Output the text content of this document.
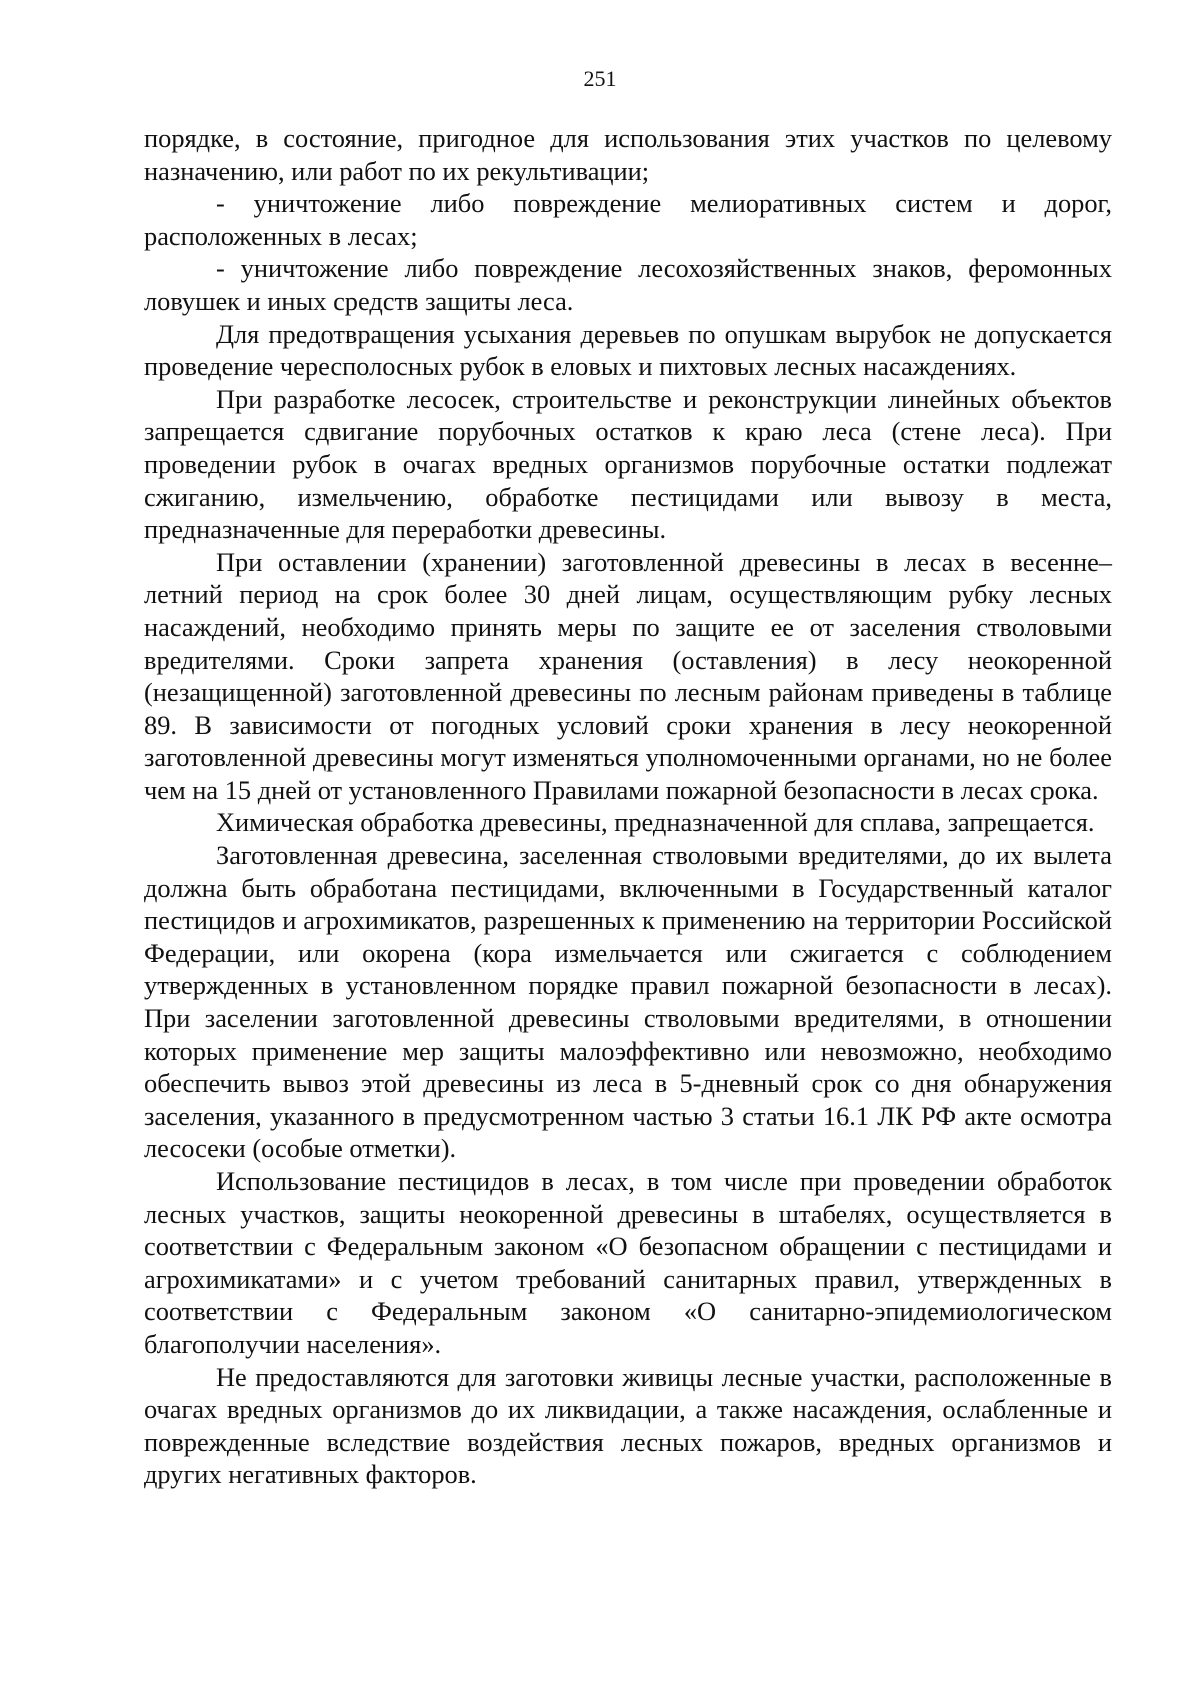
251

порядке, в состояние, пригодное для использования этих участков по целевому назначению, или работ по их рекультивации;

- уничтожение либо повреждение мелиоративных систем и дорог, расположенных в лесах;

- уничтожение либо повреждение лесохозяйственных знаков, феромонных ловушек и иных средств защиты леса.

Для предотвращения усыхания деревьев по опушкам вырубок не допускается проведение чересполосных рубок в еловых и пихтовых лесных насаждениях.

При разработке лесосек, строительстве и реконструкции линейных объектов запрещается сдвигание порубочных остатков к краю леса (стене леса). При проведении рубок в очагах вредных организмов порубочные остатки подлежат сжиганию, измельчению, обработке пестицидами или вывозу в места, предназначенные для переработки древесины.

При оставлении (хранении) заготовленной древесины в лесах в весенне–летний период на срок более 30 дней лицам, осуществляющим рубку лесных насаждений, необходимо принять меры по защите ее от заселения стволовыми вредителями. Сроки запрета хранения (оставления) в лесу неокоренной (незащищенной) заготовленной древесины по лесным районам приведены в таблице 89. В зависимости от погодных условий сроки хранения в лесу неокоренной заготовленной древесины могут изменяться уполномоченными органами, но не более чем на 15 дней от установленного Правилами пожарной безопасности в лесах срока.

Химическая обработка древесины, предназначенной для сплава, запрещается.

Заготовленная древесина, заселенная стволовыми вредителями, до их вылета должна быть обработана пестицидами, включенными в Государственный каталог пестицидов и агрохимикатов, разрешенных к применению на территории Российской Федерации, или окорена (кора измельчается или сжигается с соблюдением утвержденных в установленном порядке правил пожарной безопасности в лесах). При заселении заготовленной древесины стволовыми вредителями, в отношении которых применение мер защиты малоэффективно или невозможно, необходимо обеспечить вывоз этой древесины из леса в 5-дневный срок со дня обнаружения заселения, указанного в предусмотренном частью 3 статьи 16.1 ЛК РФ акте осмотра лесосеки (особые отметки).

Использование пестицидов в лесах, в том числе при проведении обработок лесных участков, защиты неокоренной древесины в штабелях, осуществляется в соответствии с Федеральным законом «О безопасном обращении с пестицидами и агрохимикатами» и с учетом требований санитарных правил, утвержденных в соответствии с Федеральным законом «О санитарно-эпидемиологическом благополучии населения».

Не предоставляются для заготовки живицы лесные участки, расположенные в очагах вредных организмов до их ликвидации, а также насаждения, ослабленные и поврежденные вследствие воздействия лесных пожаров, вредных организмов и других негативных факторов.
